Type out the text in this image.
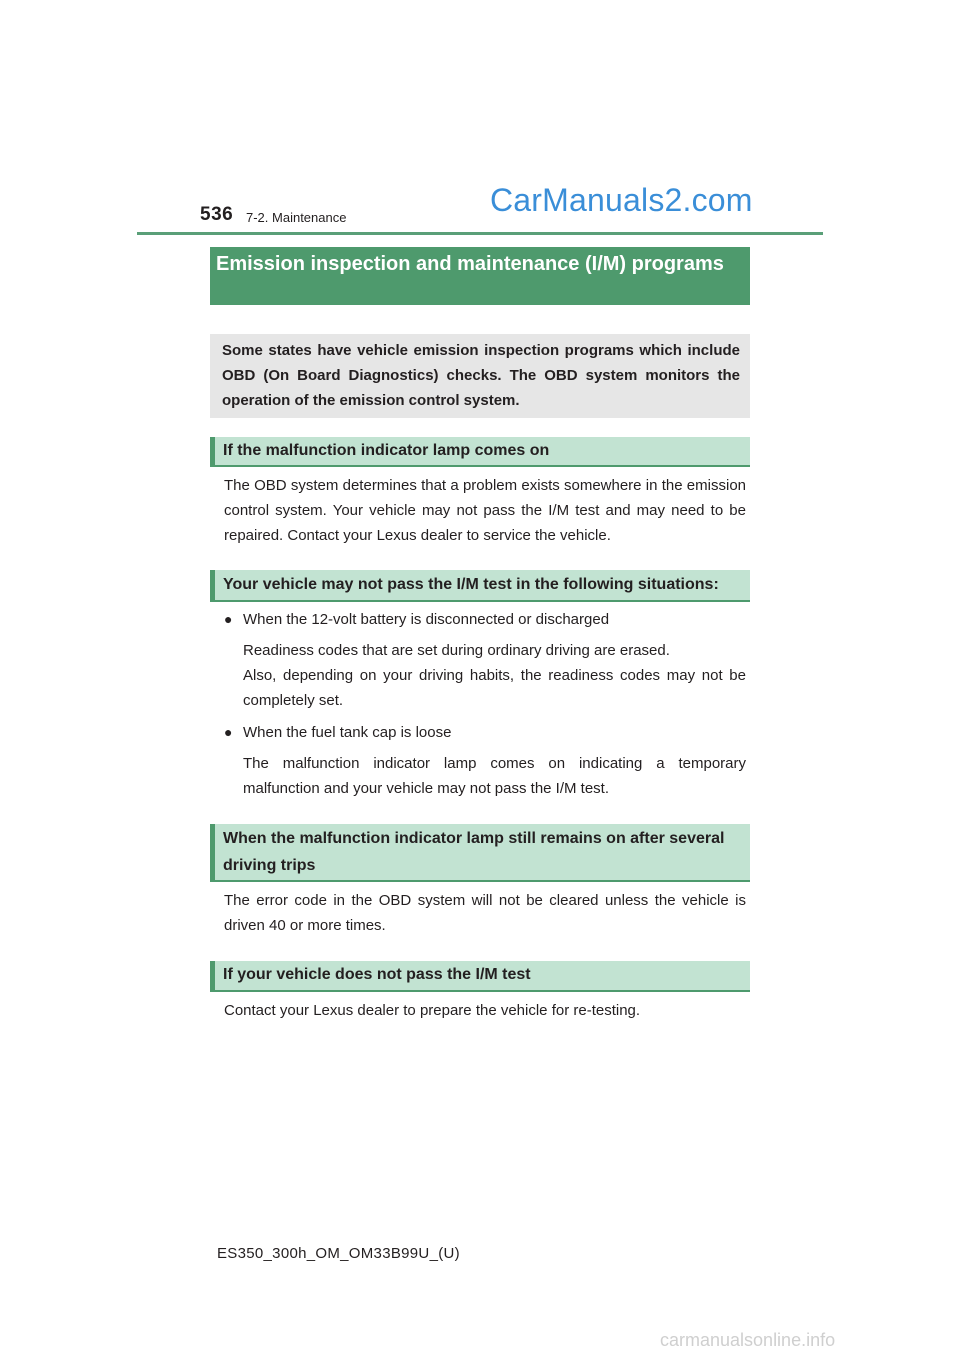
536 7-2. Maintenance	CarManuals2.com
Emission inspection and maintenance (I/M) programs
Some states have vehicle emission inspection programs which include OBD (On Board Diagnostics) checks. The OBD system monitors the operation of the emission control system.
If the malfunction indicator lamp comes on
The OBD system determines that a problem exists somewhere in the emission control system. Your vehicle may not pass the I/M test and may need to be repaired. Contact your Lexus dealer to service the vehicle.
Your vehicle may not pass the I/M test in the following situations:
● When the 12-volt battery is disconnected or discharged
Readiness codes that are set during ordinary driving are erased.
Also, depending on your driving habits, the readiness codes may not be completely set.
● When the fuel tank cap is loose
The malfunction indicator lamp comes on indicating a temporary malfunction and your vehicle may not pass the I/M test.
When the malfunction indicator lamp still remains on after several driving trips
The error code in the OBD system will not be cleared unless the vehicle is driven 40 or more times.
If your vehicle does not pass the I/M test
Contact your Lexus dealer to prepare the vehicle for re-testing.
ES350_300h_OM_OM33B99U_(U)
carmanualsonline.info
